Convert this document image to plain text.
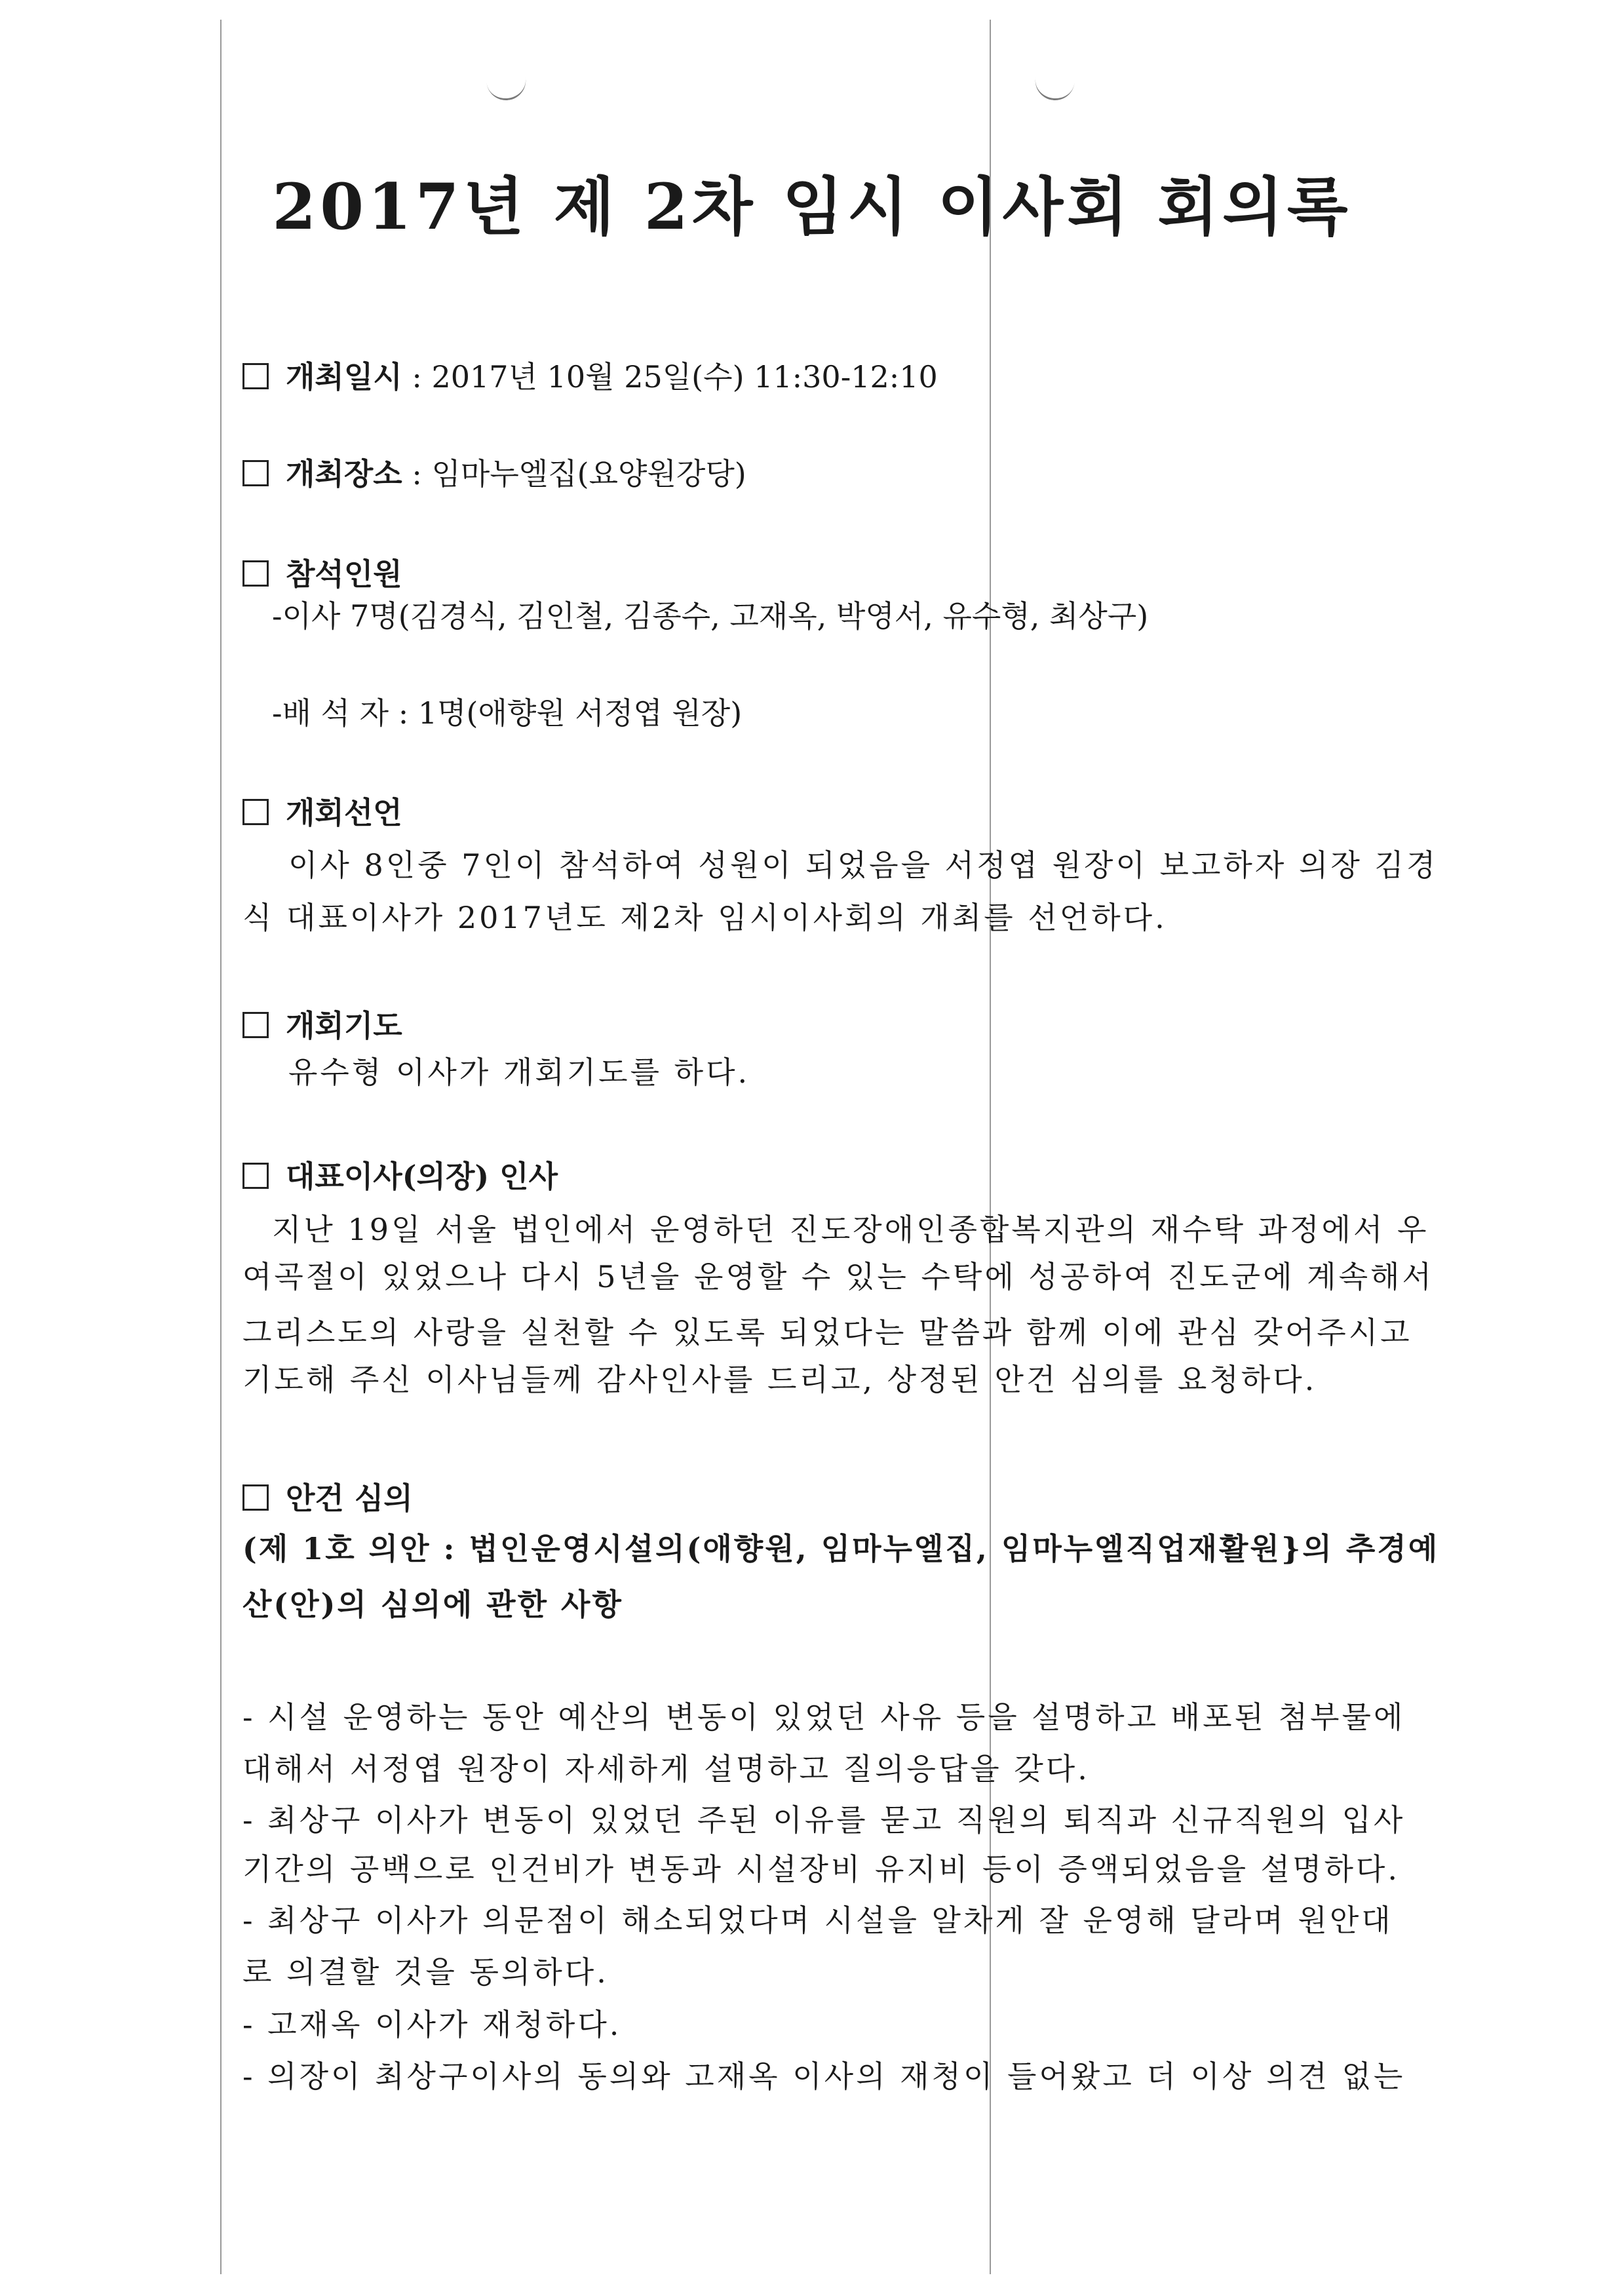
2017년 제 2차 임시 이사회 회의록
개최일시 : 2017년 10월 25일(수) 11:30-12:10
개최장소 : 임마누엘집(요양원강당)
참석인원
-이사 7명(김경식, 김인철, 김종수, 고재옥, 박영서, 유수형, 최상구)
-배 석 자 : 1명(애향원 서정엽 원장)
개회선언
이사 8인중 7인이 참석하여 성원이 되었음을 서정엽 원장이 보고하자 의장 김경
식 대표이사가 2017년도 제2차 임시이사회의 개최를 선언하다.
개회기도
유수형 이사가 개회기도를 하다.
대표이사(의장) 인사
지난 19일 서울 법인에서 운영하던 진도장애인종합복지관의 재수탁 과정에서 우
여곡절이 있었으나 다시 5년을 운영할 수 있는 수탁에 성공하여 진도군에 계속해서
그리스도의 사랑을 실천할 수 있도록 되었다는 말씀과 함께 이에 관심 갖어주시고
기도해 주신 이사님들께 감사인사를 드리고, 상정된 안건 심의를 요청하다.
안건 심의
(제 1호 의안 : 법인운영시설의(애향원, 임마누엘집, 임마누엘직업재활원}의 추경예
산(안)의 심의에 관한 사항
- 시설 운영하는 동안 예산의 변동이 있었던 사유 등을 설명하고 배포된 첨부물에
대해서 서정엽 원장이 자세하게 설명하고 질의응답을 갖다.
- 최상구 이사가 변동이 있었던 주된 이유를 묻고 직원의 퇴직과 신규직원의 입사
기간의 공백으로 인건비가 변동과 시설장비 유지비 등이 증액되었음을 설명하다.
- 최상구 이사가 의문점이 해소되었다며 시설을 알차게 잘 운영해 달라며 원안대
로 의결할 것을 동의하다.
- 고재옥 이사가 재청하다.
- 의장이 최상구이사의 동의와 고재옥 이사의 재청이 들어왔고 더 이상 의견 없는
